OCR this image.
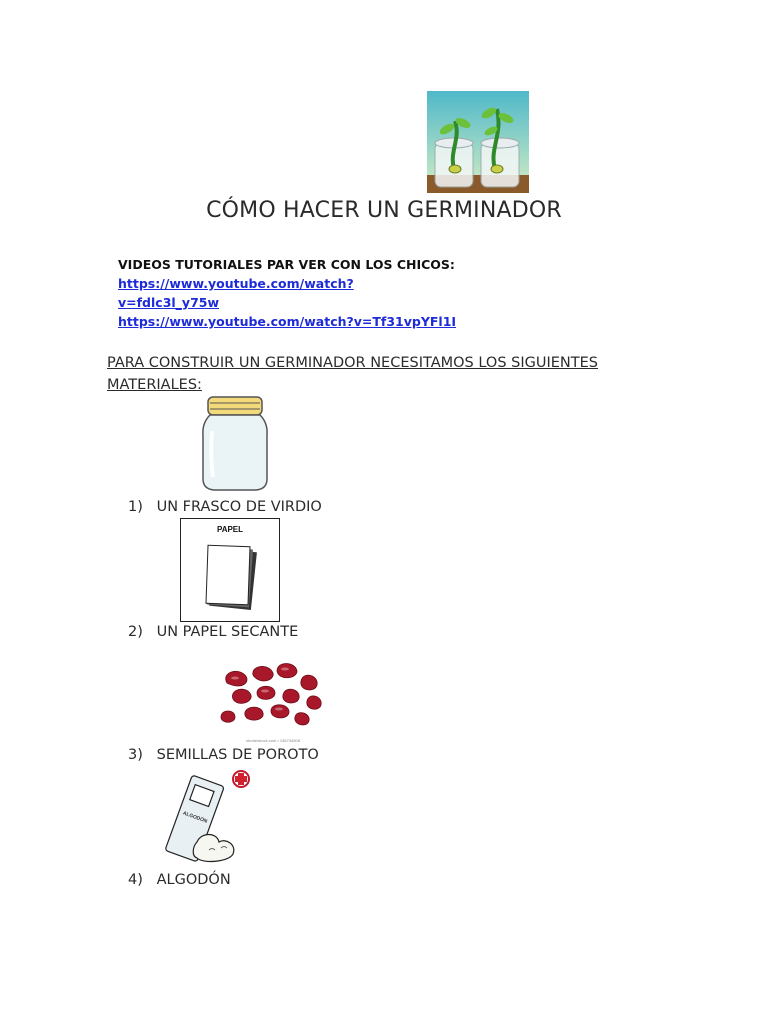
CÓMO HACER UN GERMINADOR
VIDEOS TUTORIALES PAR VER CON LOS CHICOS: https://www.youtube.com/watch?
v=fdlc3l_y75w
https://www.youtube.com/watch?v=Tf31vpYFl1I
PARA CONSTRUIR UN GERMINADOR NECESITAMOS LOS SIGUIENTES
MATERIALES:
1) UN FRASCO DE VIRDIO
PAPEL
2) UN PAPEL SECANTE
shutterstock.com • 136734908
3) SEMILLAS DE POROTO
ALGODÓN
4) ALGODÓN
